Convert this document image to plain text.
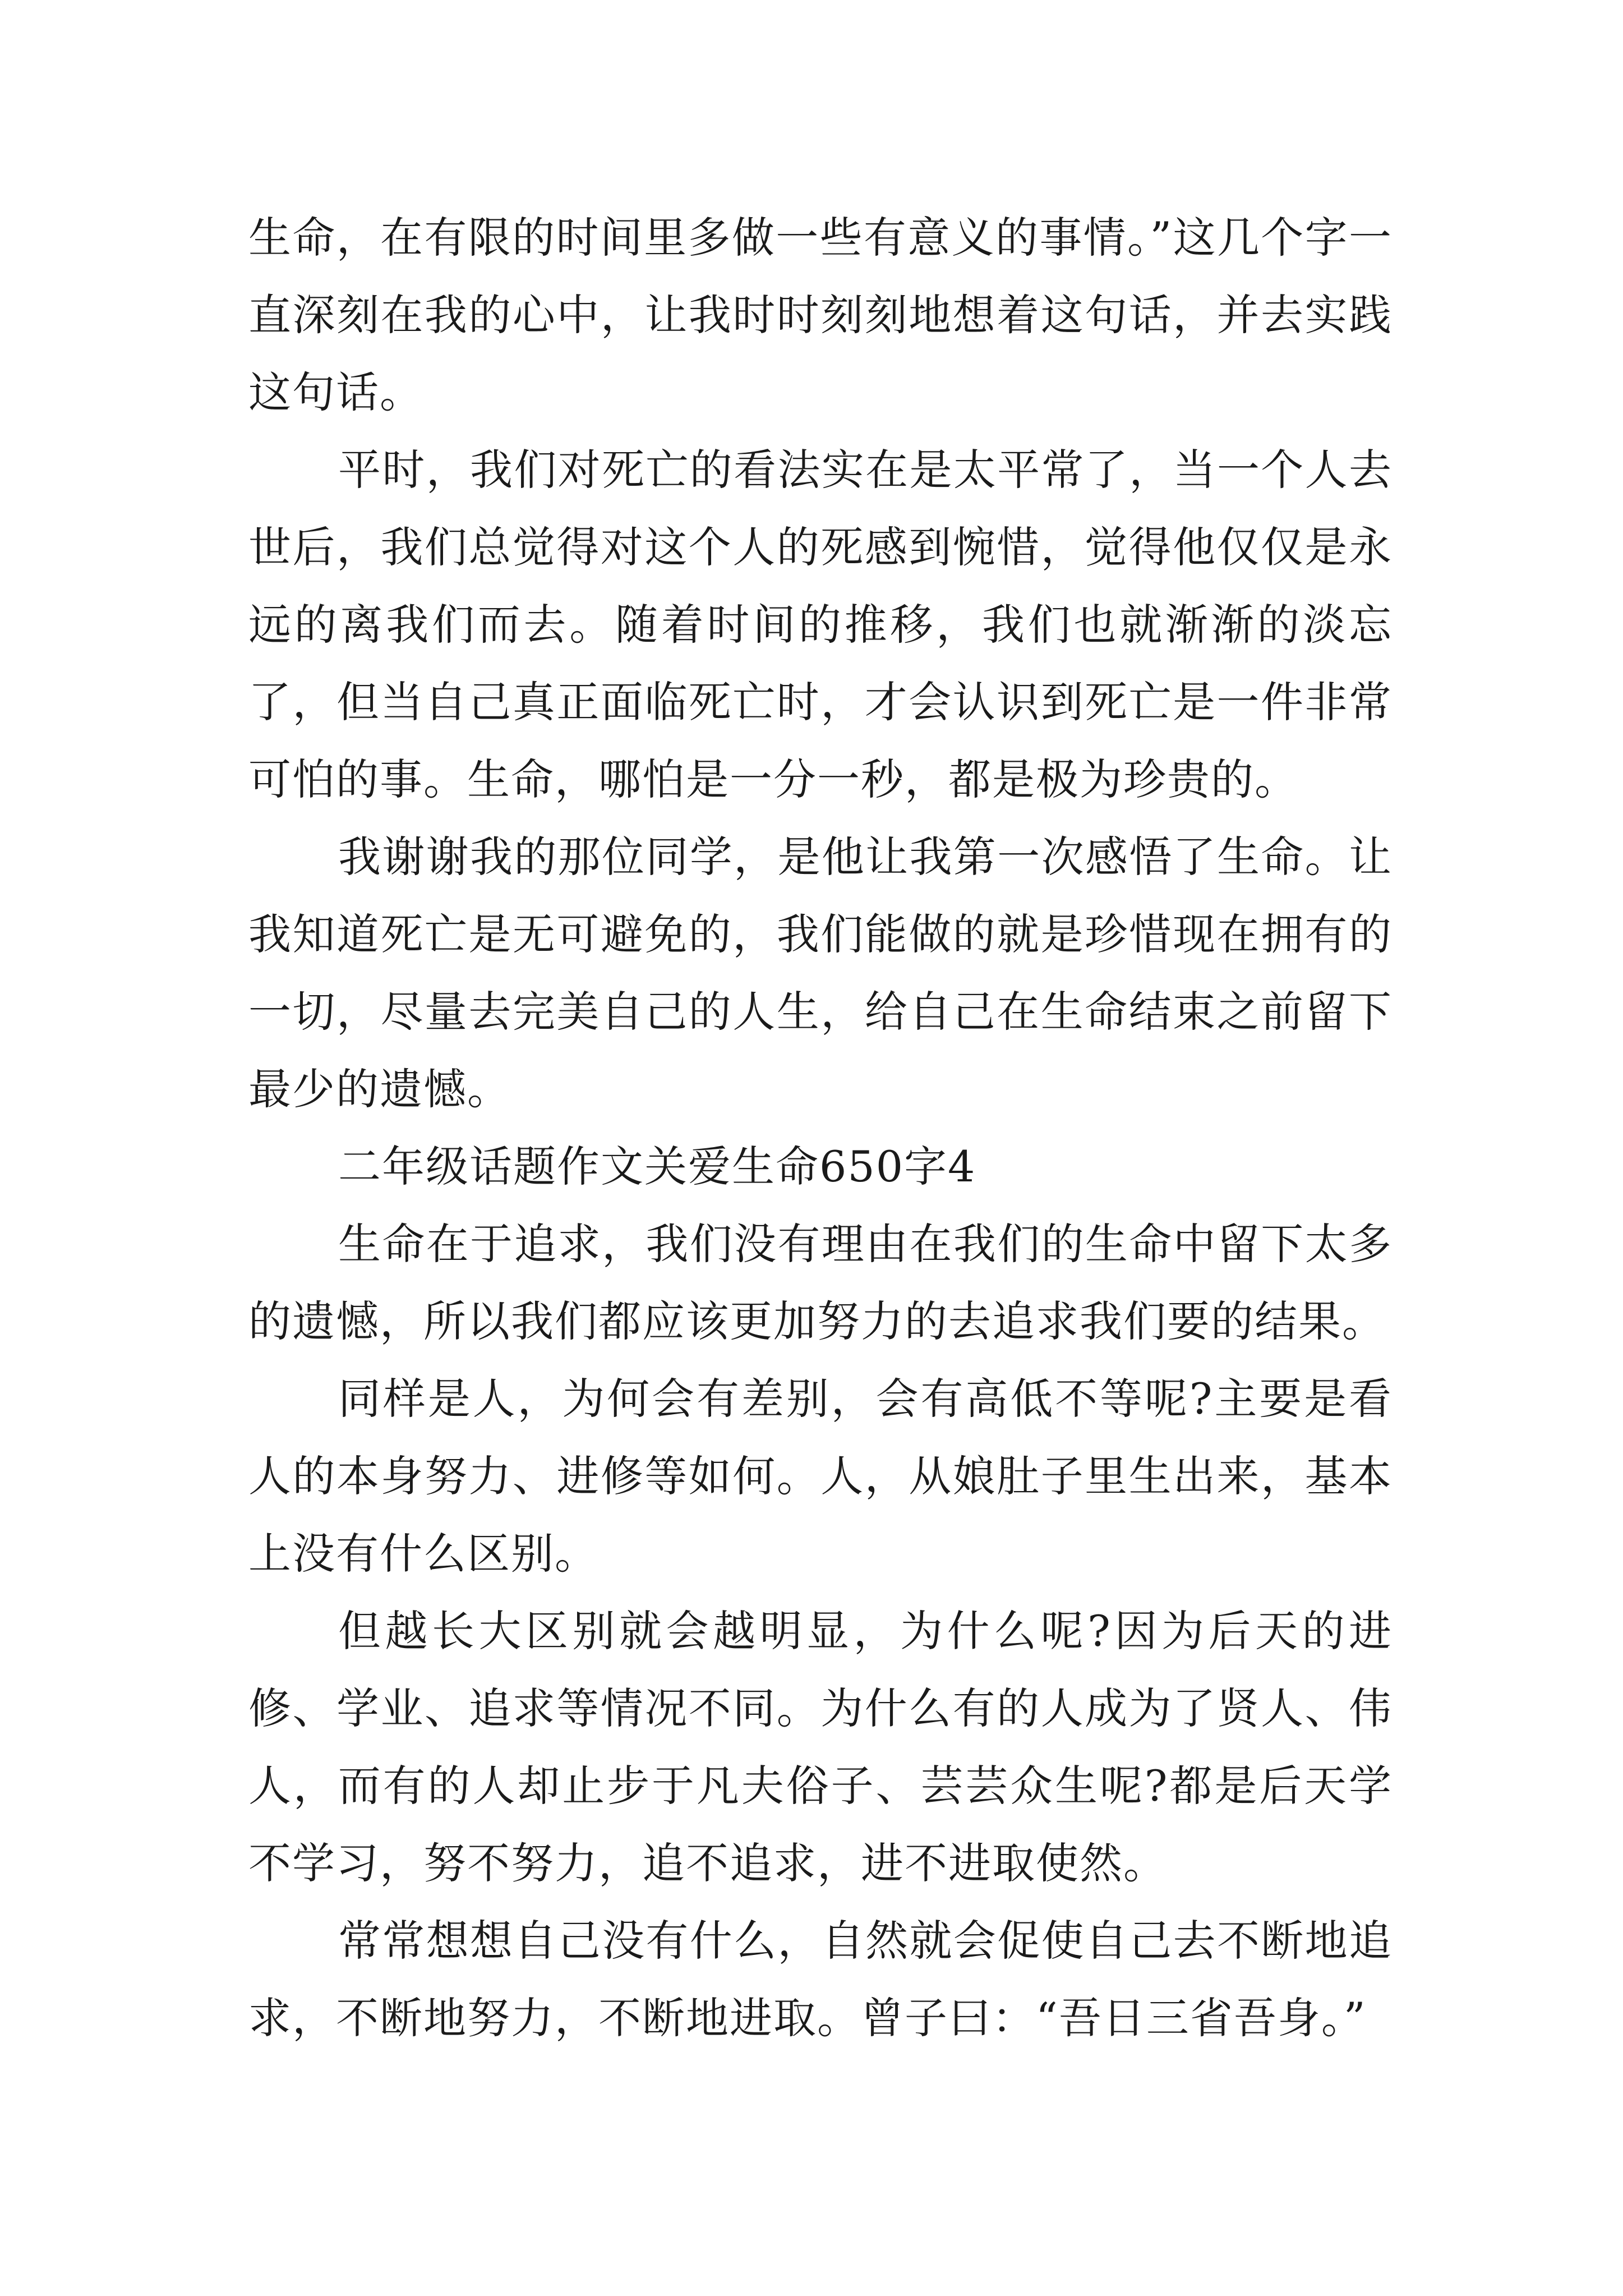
生命，在有限的时间里多做一些有意义的事情。”这几个字一直深刻在我的心中，让我时时刻刻地想着这句话，并去实践这句话。

平时，我们对死亡的看法实在是太平常了，当一个人去世后，我们总觉得对这个人的死感到惋惜，觉得他仅仅是永远的离我们而去。随着时间的推移，我们也就渐渐的淡忘了，但当自己真正面临死亡时，才会认识到死亡是一件非常可怕的事。生命，哪怕是一分一秒，都是极为珍贵的。

我谢谢我的那位同学，是他让我第一次感悟了生命。让我知道死亡是无可避免的，我们能做的就是珍惜现在拥有的一切，尽量去完美自己的人生，给自己在生命结束之前留下最少的遗憾。

二年级话题作文关爱生命650字4

生命在于追求，我们没有理由在我们的生命中留下太多的遗憾，所以我们都应该更加努力的去追求我们要的结果。

同样是人，为何会有差别，会有高低不等呢?主要是看人的本身努力、进修等如何。人，从娘肚子里生出来，基本上没有什么区别。

但越长大区别就会越明显，为什么呢?因为后天的进修、学业、追求等情况不同。为什么有的人成为了贤人、伟人，而有的人却止步于凡夫俗子、芸芸众生呢?都是后天学不学习，努不努力，追不追求，进不进取使然。

常常想想自己没有什么，自然就会促使自己去不断地追求，不断地努力，不断地进取。曾子曰：“吾日三省吾身。”
